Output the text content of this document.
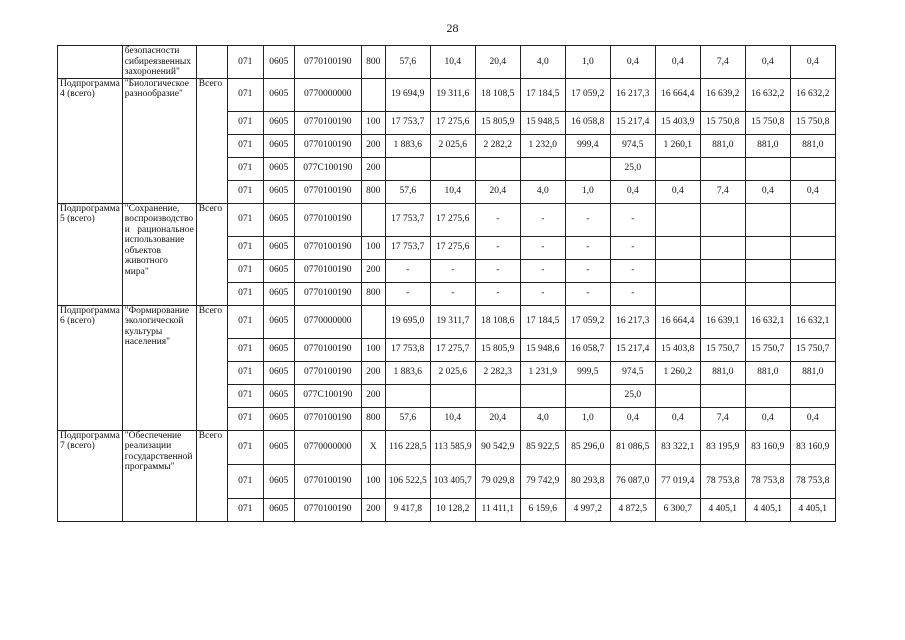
28
	безопасности сибиреязвенных захоронений"		071	0605	0770100190	800	57,6	10,4	20,4	4,0	1,0	0,4	0,4	7,4	0,4	0,4
Подпрограмма 4 (всего)	"Биологическое разнообразие"	Всего	071	0605	0770000000		19 694,9	19 311,6	18 108,5	17 184,5	17 059,2	16 217,3	16 664,4	16 639,2	16 632,2	16 632,2
			071	0605	0770100190	100	17 753,7	17 275,6	15 805,9	15 948,5	16 058,8	15 217,4	15 403,9	15 750,8	15 750,8	15 750,8
			071	0605	0770100190	200	1 883,6	2 025,6	2 282,2	1 232,0	999,4	974,5	1 260,1	881,0	881,0	881,0
			071	0605	077С100190	200						25,0				
			071	0605	0770100190	800	57,6	10,4	20,4	4,0	1,0	0,4	0,4	7,4	0,4	0,4
Подпрограмма 5 (всего)	"Сохранение, воспроизводство и рациональное использование объектов животного мира"	Всего	071	0605	0770100190		17 753,7	17 275,6	-	-	-	-				
			071	0605	0770100190	100	17 753,7	17 275,6	-	-	-	-				
			071	0605	0770100190	200	-	-	-	-	-	-				
			071	0605	0770100190	800	-	-	-	-	-	-				
Подпрограмма 6 (всего)	"Формирование экологической культуры населения"	Всего	071	0605	0770000000		19 695,0	19 311,7	18 108,6	17 184,5	17 059,2	16 217,3	16 664,4	16 639,1	16 632,1	16 632,1
			071	0605	0770100190	100	17 753,8	17 275,7	15 805,9	15 948,6	16 058,7	15 217,4	15 403,8	15 750,7	15 750,7	15 750,7
			071	0605	0770100190	200	1 883,6	2 025,6	2 282,3	1 231,9	999,5	974,5	1 260,2	881,0	881,0	881,0
			071	0605	077С100190	200						25,0				
			071	0605	0770100190	800	57,6	10,4	20,4	4,0	1,0	0,4	0,4	7,4	0,4	0,4
Подпрограмма 7 (всего)	"Обеспечение реализации государственной программы"	Всего	071	0605	0770000000	Х	116 228,5	113 585,9	90 542,9	85 922,5	85 296,0	81 086,5	83 322,1	83 195,9	83 160,9	83 160,9
			071	0605	0770100190	100	106 522,5	103 405,7	79 029,8	79 742,9	80 293,8	76 087,0	77 019,4	78 753,8	78 753,8	78 753,8
			071	0605	0770100190	200	9 417,8	10 128,2	11 411,1	6 159,6	4 997,2	4 872,5	6 300,7	4 405,1	4 405,1	4 405,1
